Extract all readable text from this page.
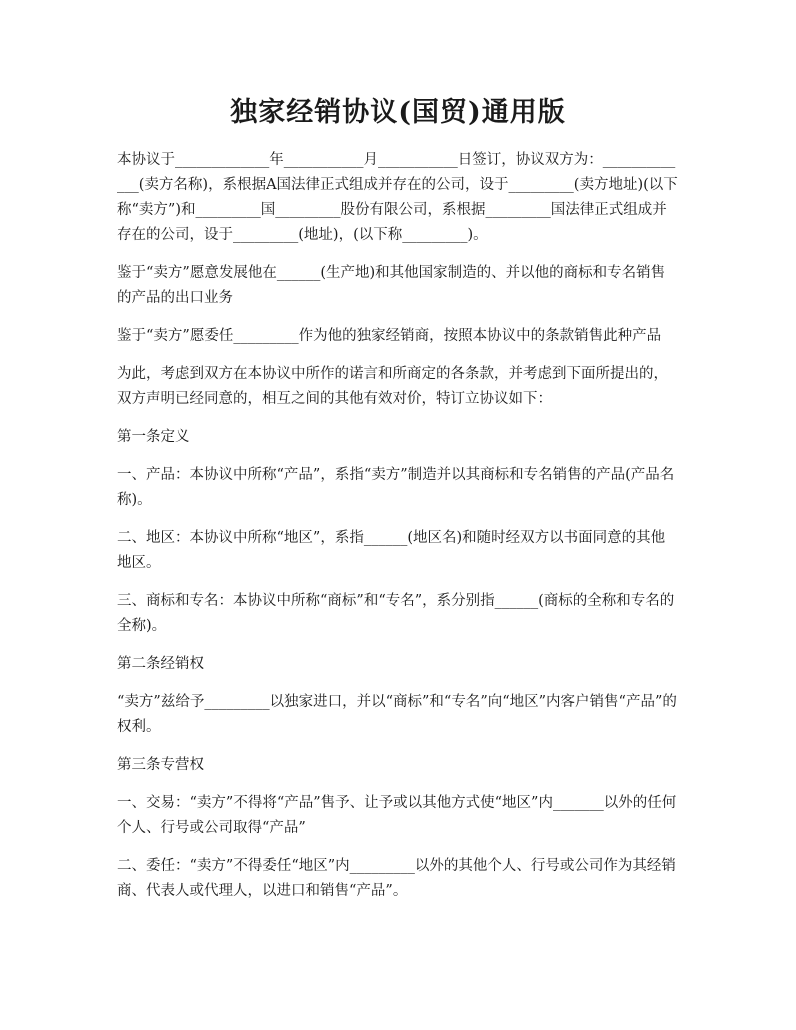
独家经销协议(国贸)通用版

本协议于_____________年___________月___________日签订，协议双方为：_____________(卖方名称)，系根据A国法律正式组成并存在的公司，设于_________(卖方地址)(以下称“卖方”)和_________国_________股份有限公司，系根据_________国法律正式组成并存在的公司，设于_________(地址)，(以下称_________)。

鉴于“卖方”愿意发展他在______(生产地)和其他国家制造的、并以他的商标和专名销售的产品的出口业务

鉴于“卖方”愿委任_________作为他的独家经销商，按照本协议中的条款销售此种产品

为此，考虑到双方在本协议中所作的诺言和所商定的各条款，并考虑到下面所提出的，双方声明已经同意的，相互之间的其他有效对价，特订立协议如下：

第一条定义

一、产品：本协议中所称“产品”，系指“卖方”制造并以其商标和专名销售的产品(产品名称)。

二、地区：本协议中所称“地区”，系指______(地区名)和随时经双方以书面同意的其他地区。

三、商标和专名：本协议中所称“商标”和“专名”，系分别指______(商标的全称和专名的全称)。

第二条经销权

“卖方”兹给予_________以独家进口，并以“商标”和“专名”向“地区”内客户销售“产品”的权利。

第三条专营权

一、交易：“卖方”不得将“产品”售予、让予或以其他方式使“地区”内_______以外的任何个人、行号或公司取得“产品”

二、委任：“卖方”不得委任“地区”内_________以外的其他个人、行号或公司作为其经销商、代表人或代理人，以进口和销售“产品”。
